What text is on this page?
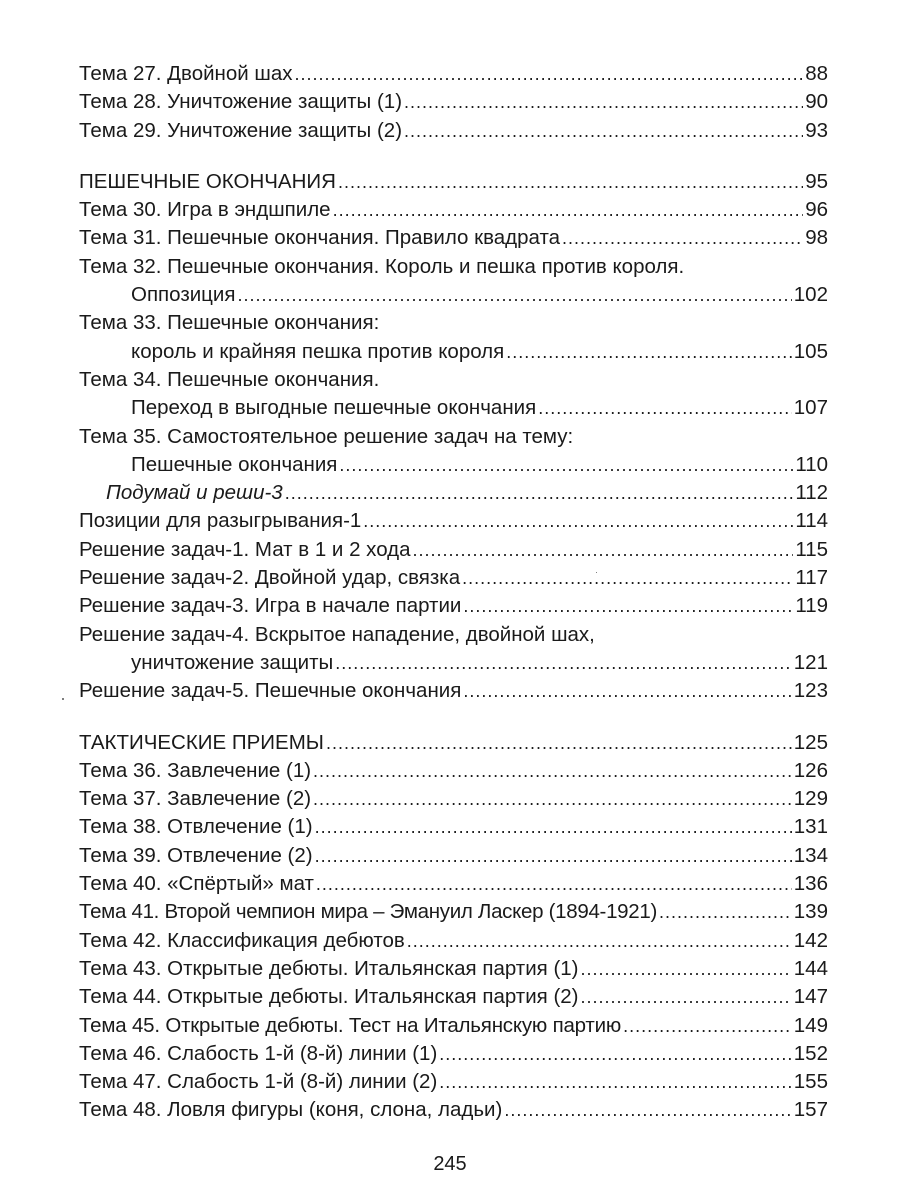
Тема 27. Двойной шах .....	88
Тема 28. Уничтожение защиты (1) .....	90
Тема 29. Уничтожение защиты (2) .....	93
ПЕШЕЧНЫЕ ОКОНЧАНИЯ .....	95
Тема 30. Игра в эндшпиле .....	96
Тема 31. Пешечные окончания. Правило квадрата .....	98
Тема 32. Пешечные окончания. Король и пешка против короля.
Оппозиция .....	102
Тема 33. Пешечные окончания:
король и крайняя пешка против короля .....	105
Тема 34. Пешечные окончания.
Переход в выгодные пешечные окончания .....	107
Тема 35. Самостоятельное решение задач на тему:
Пешечные окончания .....	110
Подумай и реши-3 .....	112
Позиции для разыгрывания-1 .....	114
Решение задач-1. Мат в 1 и 2 хода .....	115
Решение задач-2. Двойной удар, связка .....	117
Решение задач-3. Игра в начале партии .....	119
Решение задач-4. Вскрытое нападение, двойной шах,
уничтожение защиты .....	121
Решение задач-5. Пешечные окончания .....	123
ТАКТИЧЕСКИЕ ПРИЕМЫ .....	125
Тема 36. Завлечение (1) .....	126
Тема 37. Завлечение (2) .....	129
Тема 38. Отвлечение (1) .....	131
Тема 39. Отвлечение (2) .....	134
Тема 40. «Спёртый» мат .....	136
Тема 41. Второй чемпион мира – Эмануил Ласкер (1894-1921) .....	139
Тема 42. Классификация дебютов .....	142
Тема 43. Открытые дебюты. Итальянская партия (1) .....	144
Тема 44. Открытые дебюты. Итальянская партия (2) .....	147
Тема 45. Открытые дебюты. Тест на Итальянскую партию .....	149
Тема 46. Слабость 1-й (8-й) линии (1) .....	152
Тема 47. Слабость 1-й (8-й) линии (2) .....	155
Тема 48. Ловля фигуры (коня, слона, ладьи) .....	157
245
